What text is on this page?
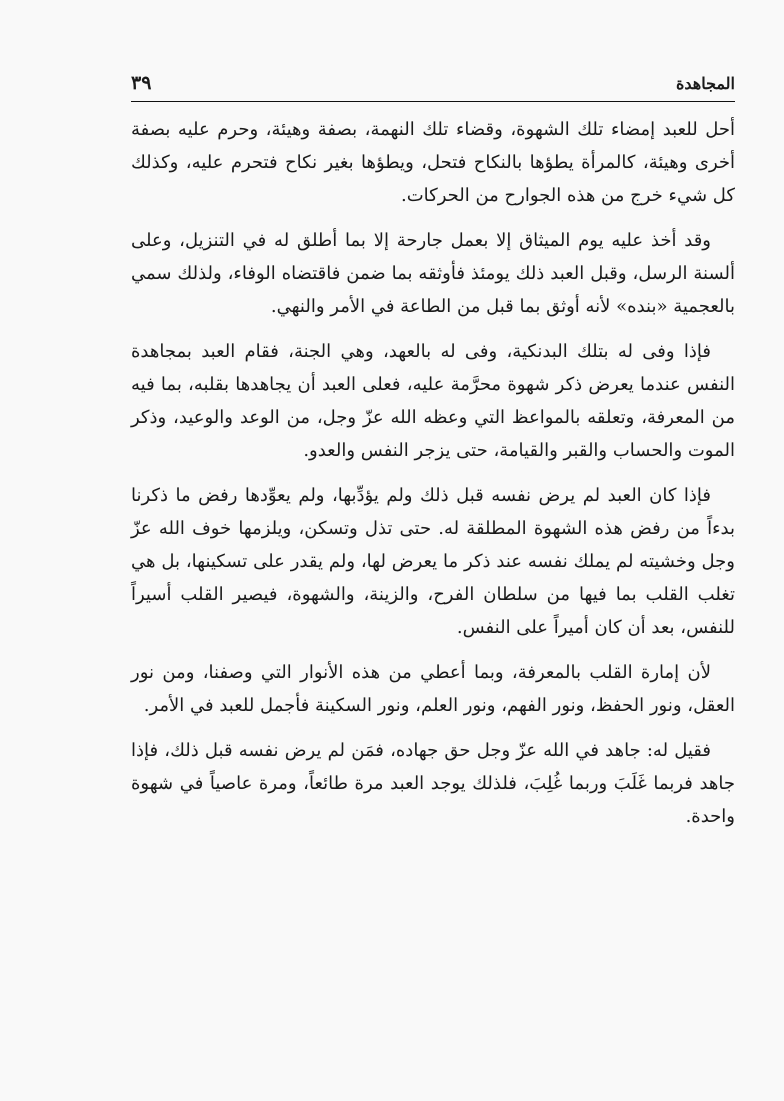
المجاهدة
٣٩

أحل للعبد إمضاء تلك الشهوة، وقضاء تلك النهمة، بصفة وهيئة، وحرم عليه بصفة أخرى وهيئة، كالمرأة يطؤها بالنكاح فتحل، ويطؤها بغير نكاح فتحرم عليه، وكذلك كل شيء خرج من هذه الجوارح من الحركات.

وقد أخذ عليه يوم الميثاق إلا بعمل جارحة إلا بما أطلق له في التنزيل، وعلى ألسنة الرسل، وقبل العبد ذلك يومئذ فأوثقه بما ضمن فاقتضاه الوفاء، ولذلك سمي بالعجمية «بنده» لأنه أوثق بما قبل من الطاعة في الأمر والنهي.

فإذا وفى له بتلك البدنكية، وفى له بالعهد، وهي الجنة، فقام العبد بمجاهدة النفس عندما يعرض ذكر شهوة محرَّمة عليه، فعلى العبد أن يجاهدها بقلبه، بما فيه من المعرفة، وتعلقه بالمواعظ التي وعظه الله عزّ وجل، من الوعد والوعيد، وذكر الموت والحساب والقبر والقيامة، حتى يزجر النفس والعدو.

فإذا كان العبد لم يرض نفسه قبل ذلك ولم يؤدِّبها، ولم يعوِّدها رفض ما ذكرنا بدءاً من رفض هذه الشهوة المطلقة له. حتى تذل وتسكن، ويلزمها خوف الله عزّ وجل وخشيته لم يملك نفسه عند ذكر ما يعرض لها، ولم يقدر على تسكينها، بل هي تغلب القلب بما فيها من سلطان الفرح، والزينة، والشهوة، فيصير القلب أسيراً للنفس، بعد أن كان أميراً على النفس.

لأن إمارة القلب بالمعرفة، وبما أعطي من هذه الأنوار التي وصفنا، ومن نور العقل، ونور الحفظ، ونور الفهم، ونور العلم، ونور السكينة فأجمل للعبد في الأمر.

فقيل له: جاهد في الله عزّ وجل حق جهاده، فمَن لم يرض نفسه قبل ذلك، فإذا جاهد فربما غَلَبَ وربما غُلِبَ، فلذلك يوجد العبد مرة طائعاً، ومرة عاصياً في شهوة واحدة.
